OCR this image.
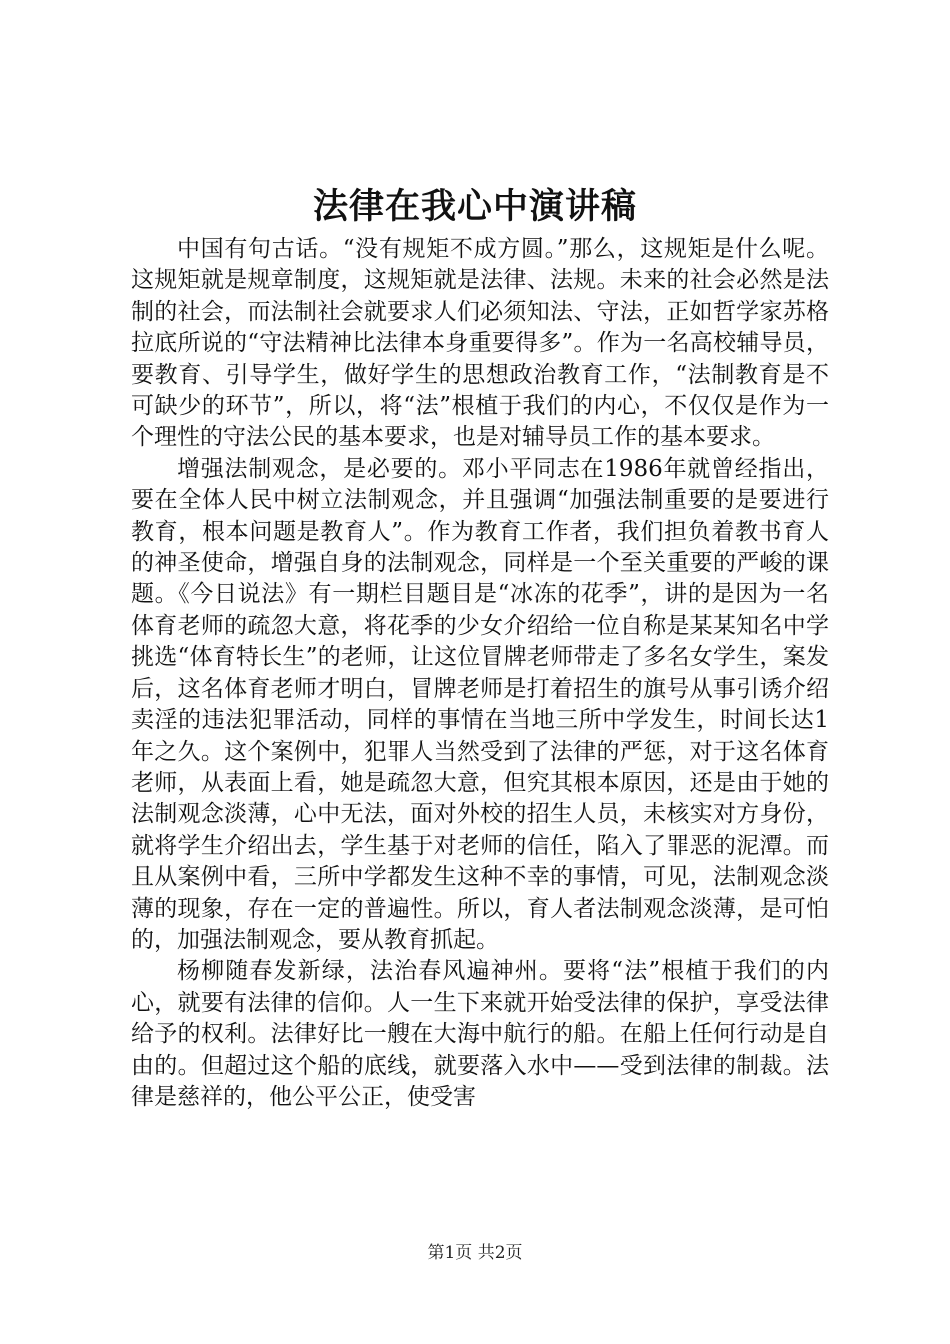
法律在我心中演讲稿

中国有句古话。“没有规矩不成方圆。”那么，这规矩是什么呢。这规矩就是规章制度，这规矩就是法律、法规。未来的社会必然是法制的社会，而法制社会就要求人们必须知法、守法，正如哲学家苏格拉底所说的“守法精神比法律本身重要得多”。作为一名高校辅导员，要教育、引导学生，做好学生的思想政治教育工作，“法制教育是不可缺少的环节”，所以，将“法”根植于我们的内心，不仅仅是作为一个理性的守法公民的基本要求，也是对辅导员工作的基本要求。

增强法制观念，是必要的。邓小平同志在1986年就曾经指出，要在全体人民中树立法制观念，并且强调“加强法制重要的是要进行教育，根本问题是教育人”。作为教育工作者，我们担负着教书育人的神圣使命，增强自身的法制观念，同样是一个至关重要的严峻的课题。《今日说法》有一期栏目题目是“冰冻的花季”，讲的是因为一名体育老师的疏忽大意，将花季的少女介绍给一位自称是某某知名中学挑选“体育特长生”的老师，让这位冒牌老师带走了多名女学生，案发后，这名体育老师才明白，冒牌老师是打着招生的旗号从事引诱介绍卖淫的违法犯罪活动，同样的事情在当地三所中学发生，时间长达1年之久。这个案例中，犯罪人当然受到了法律的严惩，对于这名体育老师，从表面上看，她是疏忽大意，但究其根本原因，还是由于她的法制观念淡薄，心中无法，面对外校的招生人员，未核实对方身份，就将学生介绍出去，学生基于对老师的信任，陷入了罪恶的泥潭。而且从案例中看，三所中学都发生这种不幸的事情，可见，法制观念淡薄的现象，存在一定的普遍性。所以，育人者法制观念淡薄，是可怕的，加强法制观念，要从教育抓起。

杨柳随春发新绿，法治春风遍神州。要将“法”根植于我们的内心，就要有法律的信仰。人一生下来就开始受法律的保护，享受法律给予的权利。法律好比一艘在大海中航行的船。在船上任何行动是自由的。但超过这个船的底线，就要落入水中——受到法律的制裁。法律是慈祥的，他公平公正，使受害

第1页 共2页
